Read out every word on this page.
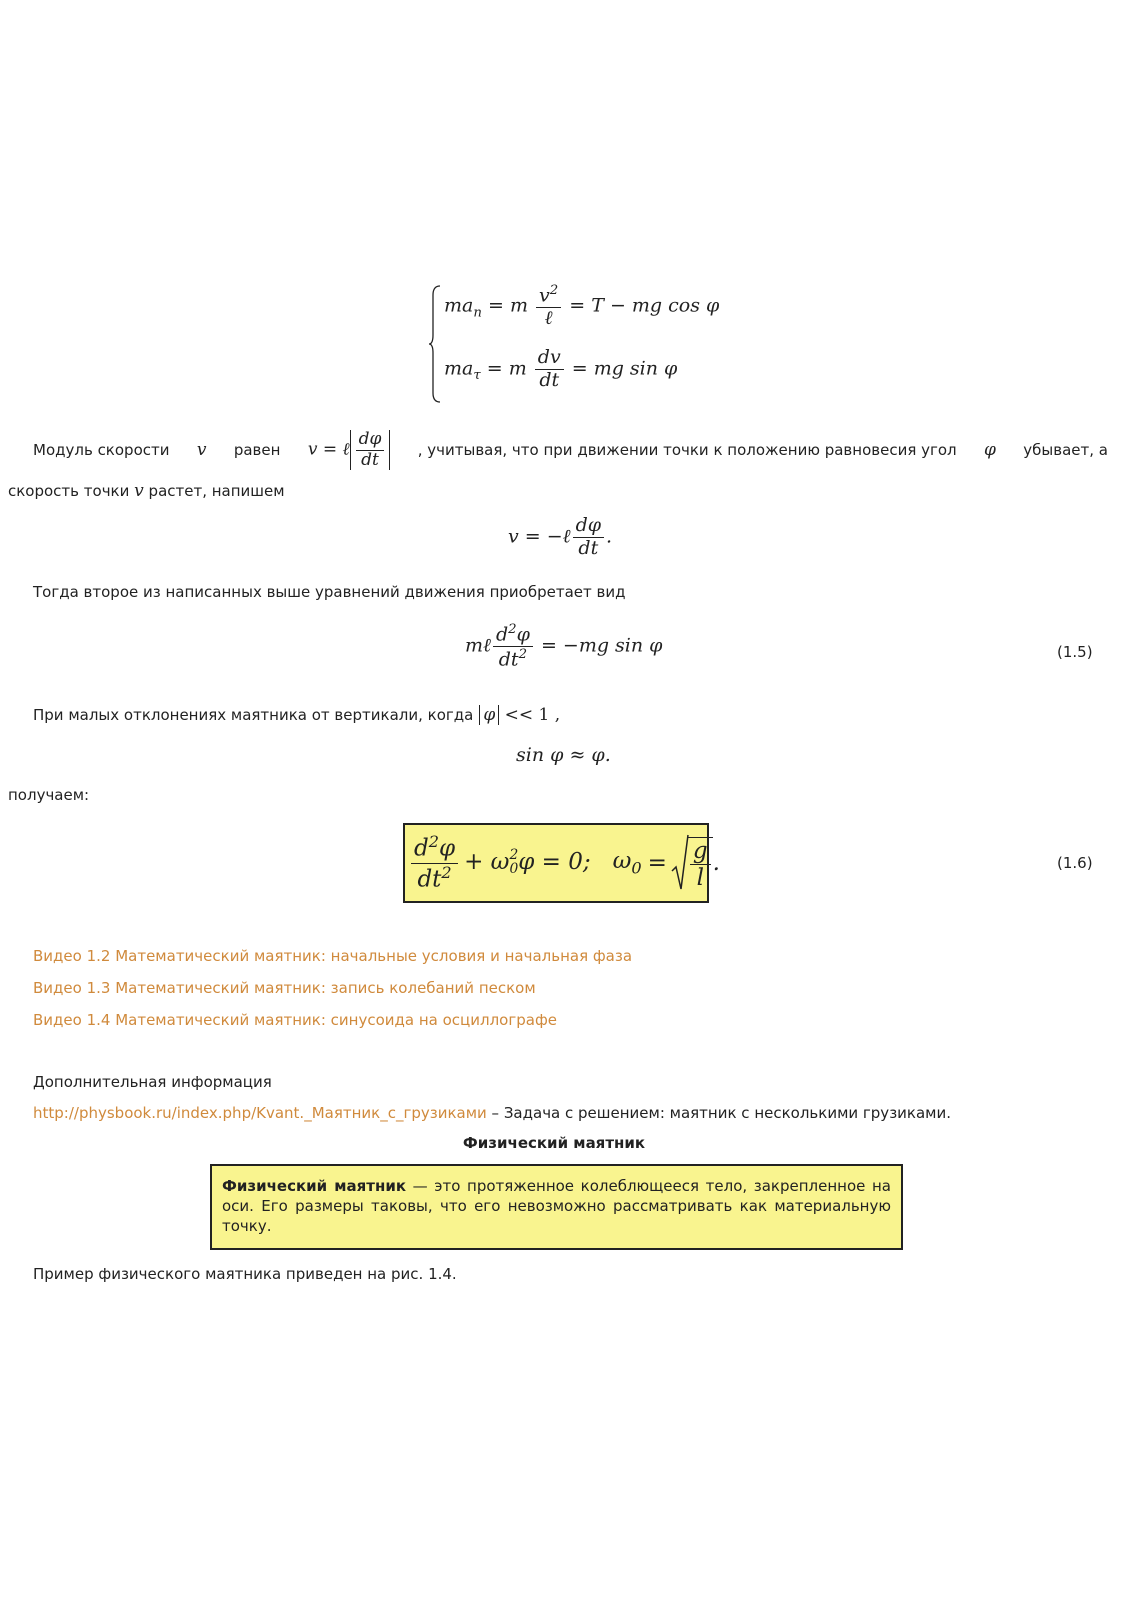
$ma_n = m \frac{v^2}{\text{ℓ}} = T$ − mg cos φ
$ma_\tau = m \frac{dv}{dt}$ = mg sin φ
Модуль скорости v равен v = ℓ $\frac{d\varphi}{dt}$ , учитывая, что при движении точки к положению равновесия угол φ убывает, а
скорость точки v растет, напишем
v = −ℓ $\frac{d\varphi}{dt}$ .
Тогда второе из написанных выше уравнений движения приобретает вид
mℓ $\frac{d^2\varphi}{dt^2} = -mg$ sin φ	(1.5)
При малых отклонениях маятника от вертикали, когда φ << 1 ,
sin φ ≈ φ.
получаем:
$\frac{d^2\varphi}{dt^2} + \omega$ 2
0 φ = 0; $\omega_0 = \frac{g}{l}$ .	(1.6)
Видео 1.2 Математический маятник: начальные условия и начальная фаза
Видео 1.3 Математический маятник: запись колебаний песком
Видео 1.4 Математический маятник: синусоида на осциллографе
Дополнительная информация
http://physbook.ru/index.php/Kvant._Маятник_с_грузиками – Задача с решением: маятник с несколькими грузиками.
Физический маятник
Физический маятник — это протяженное колеблющееся тело, закрепленное на оси. Его размеры таковы, что его невозможно рассматривать как материальную точку.
Пример физического маятника приведен на рис. 1.4.
